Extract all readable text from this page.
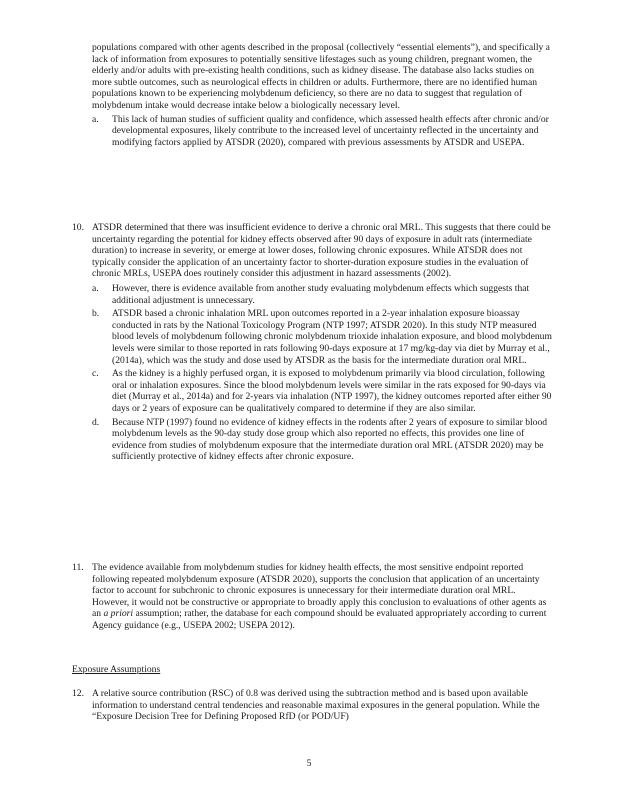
populations compared with other agents described in the proposal (collectively “essential elements”), and specifically a lack of information from exposures to potentially sensitive lifestages such as young children, pregnant women, the elderly and/or adults with pre-existing health conditions, such as kidney disease. The database also lacks studies on more subtle outcomes, such as neurological effects in children or adults. Furthermore, there are no identified human populations known to be experiencing molybdenum deficiency, so there are no data to suggest that regulation of molybdenum intake would decrease intake below a biologically necessary level.
a. This lack of human studies of sufficient quality and confidence, which assessed health effects after chronic and/or developmental exposures, likely contribute to the increased level of uncertainty reflected in the uncertainty and modifying factors applied by ATSDR (2020), compared with previous assessments by ATSDR and USEPA.
10. ATSDR determined that there was insufficient evidence to derive a chronic oral MRL. This suggests that there could be uncertainty regarding the potential for kidney effects observed after 90 days of exposure in adult rats (intermediate duration) to increase in severity, or emerge at lower doses, following chronic exposures. While ATSDR does not typically consider the application of an uncertainty factor to shorter-duration exposure studies in the evaluation of chronic MRLs, USEPA does routinely consider this adjustment in hazard assessments (2002).
a. However, there is evidence available from another study evaluating molybdenum effects which suggests that additional adjustment is unnecessary.
b. ATSDR based a chronic inhalation MRL upon outcomes reported in a 2-year inhalation exposure bioassay conducted in rats by the National Toxicology Program (NTP 1997; ATSDR 2020). In this study NTP measured blood levels of molybdenum following chronic molybdenum trioxide inhalation exposure, and blood molybdenum levels were similar to those reported in rats following 90-days exposure at 17 mg/kg-day via diet by Murray et al., (2014a), which was the study and dose used by ATSDR as the basis for the intermediate duration oral MRL.
c. As the kidney is a highly perfused organ, it is exposed to molybdenum primarily via blood circulation, following oral or inhalation exposures. Since the blood molybdenum levels were similar in the rats exposed for 90-days via diet (Murray et al., 2014a) and for 2-years via inhalation (NTP 1997), the kidney outcomes reported after either 90 days or 2 years of exposure can be qualitatively compared to determine if they are also similar.
d. Because NTP (1997) found no evidence of kidney effects in the rodents after 2 years of exposure to similar blood molybdenum levels as the 90-day study dose group which also reported no effects, this provides one line of evidence from studies of molybdenum exposure that the intermediate duration oral MRL (ATSDR 2020) may be sufficiently protective of kidney effects after chronic exposure.
11. The evidence available from molybdenum studies for kidney health effects, the most sensitive endpoint reported following repeated molybdenum exposure (ATSDR 2020), supports the conclusion that application of an uncertainty factor to account for subchronic to chronic exposures is unnecessary for their intermediate duration oral MRL. However, it would not be constructive or appropriate to broadly apply this conclusion to evaluations of other agents as an a priori assumption; rather, the database for each compound should be evaluated appropriately according to current Agency guidance (e.g., USEPA 2002; USEPA 2012).
Exposure Assumptions
12. A relative source contribution (RSC) of 0.8 was derived using the subtraction method and is based upon available information to understand central tendencies and reasonable maximal exposures in the general population. While the “Exposure Decision Tree for Defining Proposed RfD (or POD/UF)
5
